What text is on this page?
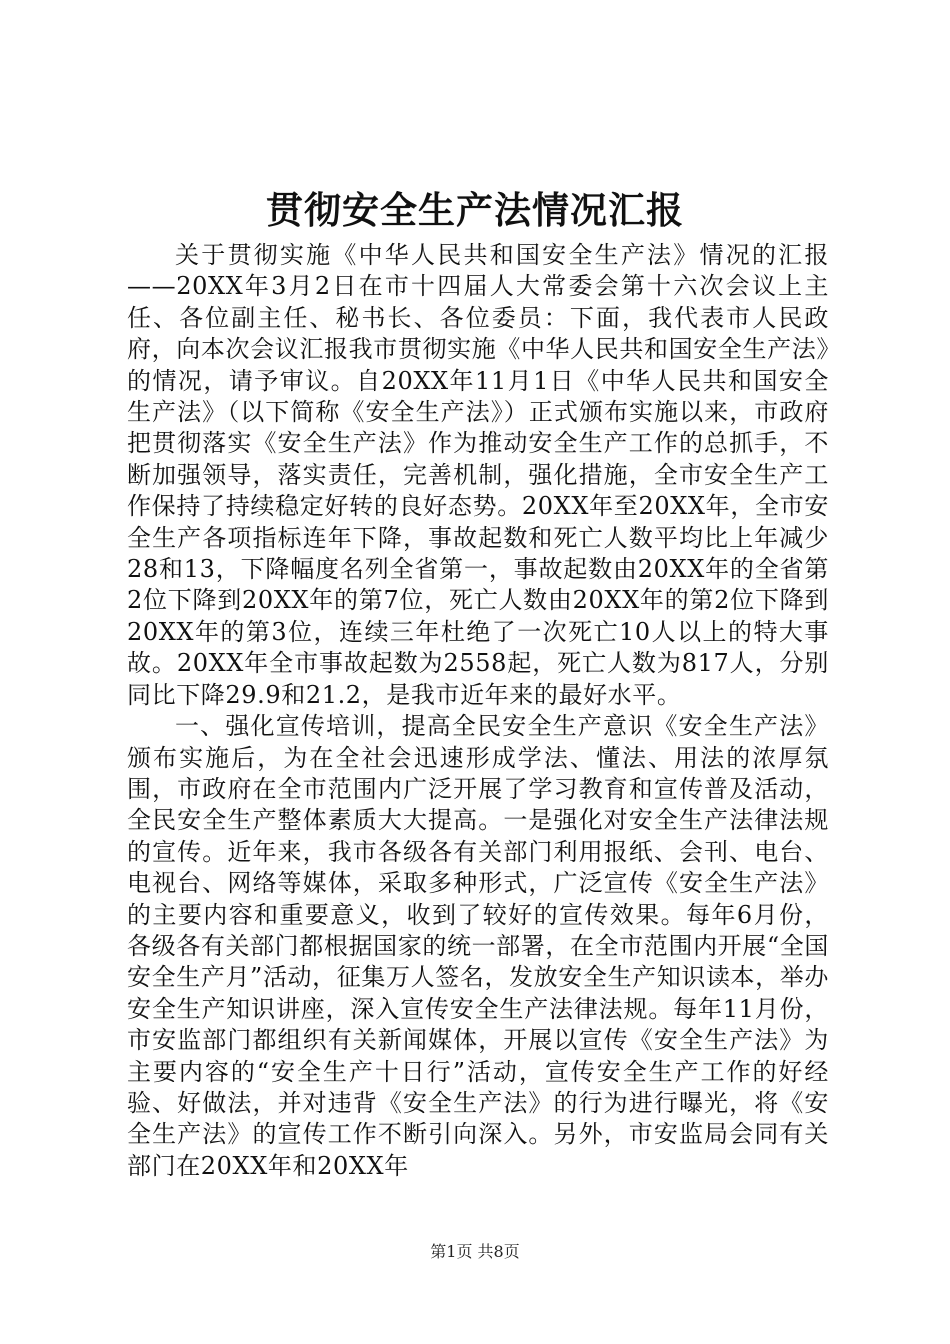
贯彻安全生产法情况汇报

关于贯彻实施《中华人民共和国安全生产法》情况的汇报——20XX年3月2日在市十四届人大常委会第十六次会议上主任、各位副主任、秘书长、各位委员：下面，我代表市人民政府，向本次会议汇报我市贯彻实施《中华人民共和国安全生产法》的情况，请予审议。自20XX年11月1日《中华人民共和国安全生产法》（以下简称《安全生产法》）正式颁布实施以来，市政府把贯彻落实《安全生产法》作为推动安全生产工作的总抓手，不断加强领导，落实责任，完善机制，强化措施，全市安全生产工作保持了持续稳定好转的良好态势。20XX年至20XX年，全市安全生产各项指标连年下降，事故起数和死亡人数平均比上年减少28和13，下降幅度名列全省第一，事故起数由20XX年的全省第2位下降到20XX年的第7位，死亡人数由20XX年的第2位下降到20XX年的第3位，连续三年杜绝了一次死亡10人以上的特大事故。20XX年全市事故起数为2558起，死亡人数为817人，分别同比下降29.9和21.2，是我市近年来的最好水平。

一、强化宣传培训，提高全民安全生产意识《安全生产法》颁布实施后，为在全社会迅速形成学法、懂法、用法的浓厚氛围，市政府在全市范围内广泛开展了学习教育和宣传普及活动，全民安全生产整体素质大大提高。一是强化对安全生产法律法规的宣传。近年来，我市各级各有关部门利用报纸、会刊、电台、电视台、网络等媒体，采取多种形式，广泛宣传《安全生产法》的主要内容和重要意义，收到了较好的宣传效果。每年6月份，各级各有关部门都根据国家的统一部署，在全市范围内开展“全国安全生产月”活动，征集万人签名，发放安全生产知识读本，举办安全生产知识讲座，深入宣传安全生产法律法规。每年11月份，市安监部门都组织有关新闻媒体，开展以宣传《安全生产法》为主要内容的“安全生产十日行”活动，宣传安全生产工作的好经验、好做法，并对违背《安全生产法》的行为进行曝光，将《安全生产法》的宣传工作不断引向深入。另外，市安监局会同有关部门在20XX年和20XX年

第1页 共8页
